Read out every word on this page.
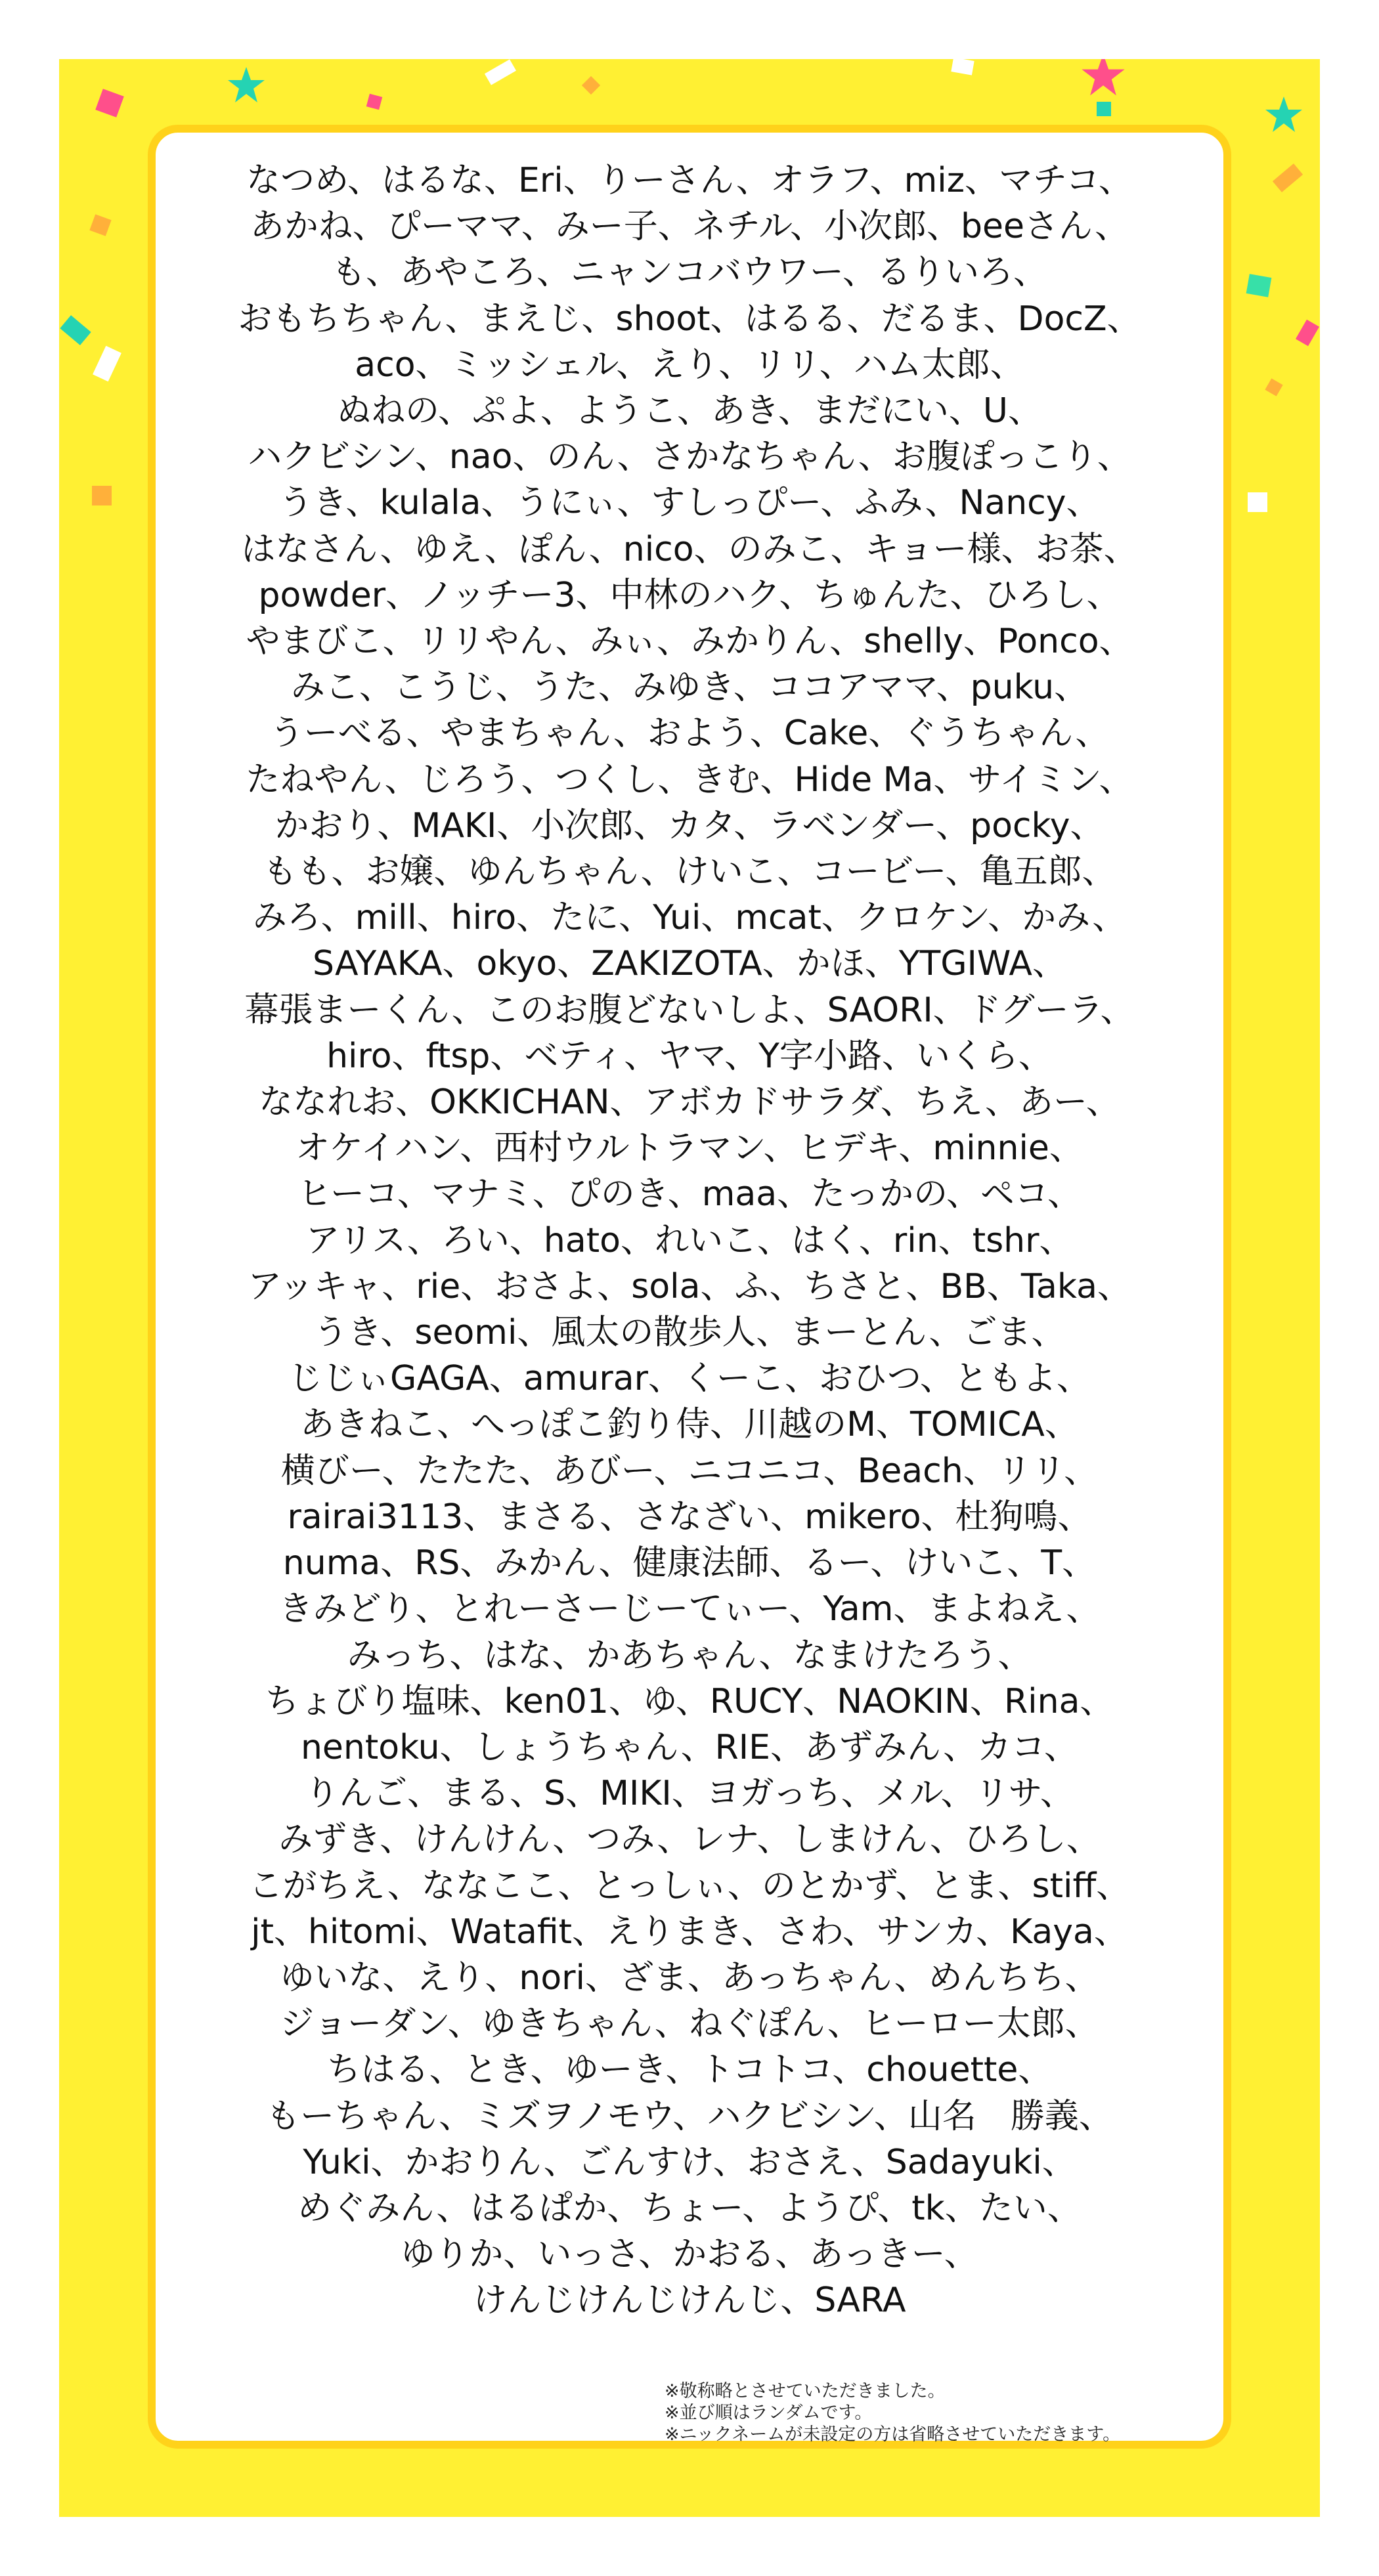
なつめ、はるな、Eri、りーさん、オラフ、miz、マチコ、
あかね、ぴーママ、みー子、ネチル、小次郎、beeさん、
も、あやころ、ニャンコバウワー、るりいろ、
おもちちゃん、まえじ、shoot、はるる、だるま、DocZ、
aco、ミッシェル、えり、リリ、ハム太郎、
ぬねの、ぷよ、ようこ、あき、まだにい、U、
ハクビシン、nao、のん、さかなちゃん、お腹ぽっこり、
うき、kulala、うにぃ、すしっぴー、ふみ、Nancy、
はなさん、ゆえ、ぽん、nico、のみこ、キョー様、お茶、
powder、ノッチー3、中林のハク、ちゅんた、ひろし、
やまびこ、リリやん、みぃ、みかりん、shelly、Ponco、
みこ、こうじ、うた、みゆき、ココアママ、puku、
うーべる、やまちゃん、およう、Cake、ぐうちゃん、
たねやん、じろう、つくし、きむ、Hide Ma、サイミン、
かおり、MAKI、小次郎、カタ、ラベンダー、pocky、
もも、お嬢、ゆんちゃん、けいこ、コービー、亀五郎、
みろ、mill、hiro、たに、Yui、mcat、クロケン、かみ、
SAYAKA、okyo、ZAKIZOTA、かほ、YTGIWA、
幕張まーくん、このお腹どないしよ、SAORI、ドグーラ、
hiro、ftsp、ベティ、ヤマ、Y字小路、いくら、
ななれお、OKKICHAN、アボカドサラダ、ちえ、あー、
オケイハン、西村ウルトラマン、ヒデキ、minnie、
ヒーコ、マナミ、ぴのき、maa、たっかの、ペコ、
アリス、ろい、hato、れいこ、はく、rin、tshr、
アッキャ、rie、おさよ、sola、ふ、ちさと、BB、Taka、
うき、seomi、風太の散歩人、まーとん、ごま、
じじぃGAGA、amurar、くーこ、おひつ、ともよ、
あきねこ、へっぽこ釣り侍、川越のM、TOMICA、
横びー、たたた、あびー、ニコニコ、Beach、リリ、
rairai3113、まさる、さなざい、mikero、杜狗鳴、
numa、RS、みかん、健康法師、るー、けいこ、T、
きみどり、とれーさーじーてぃー、Yam、まよねえ、
みっち、はな、かあちゃん、なまけたろう、
ちょびり塩味、ken01、ゆ、RUCY、NAOKIN、Rina、
nentoku、しょうちゃん、RIE、あずみん、カコ、
りんご、まる、S、MIKI、ヨガっち、メル、リサ、
みずき、けんけん、つみ、レナ、しまけん、ひろし、
こがちえ、ななここ、とっしぃ、のとかず、とま、stiff、
jt、hitomi、Watafit、えりまき、さわ、サンカ、Kaya、
ゆいな、えり、nori、ざま、あっちゃん、めんちち、
ジョーダン、ゆきちゃん、ねぐぽん、ヒーロー太郎、
ちはる、とき、ゆーき、トコトコ、chouette、
もーちゃん、ミズヲノモウ、ハクビシン、山名　勝義、
Yuki、かおりん、ごんすけ、おさえ、Sadayuki、
めぐみん、はるぱか、ちょー、ようぴ、tk、たい、
ゆりか、いっさ、かおる、あっきー、
けんじけんじけんじ、SARA
※敬称略とさせていただきました。
※並び順はランダムです。
※ニックネームが未設定の方は省略させていただきます。
